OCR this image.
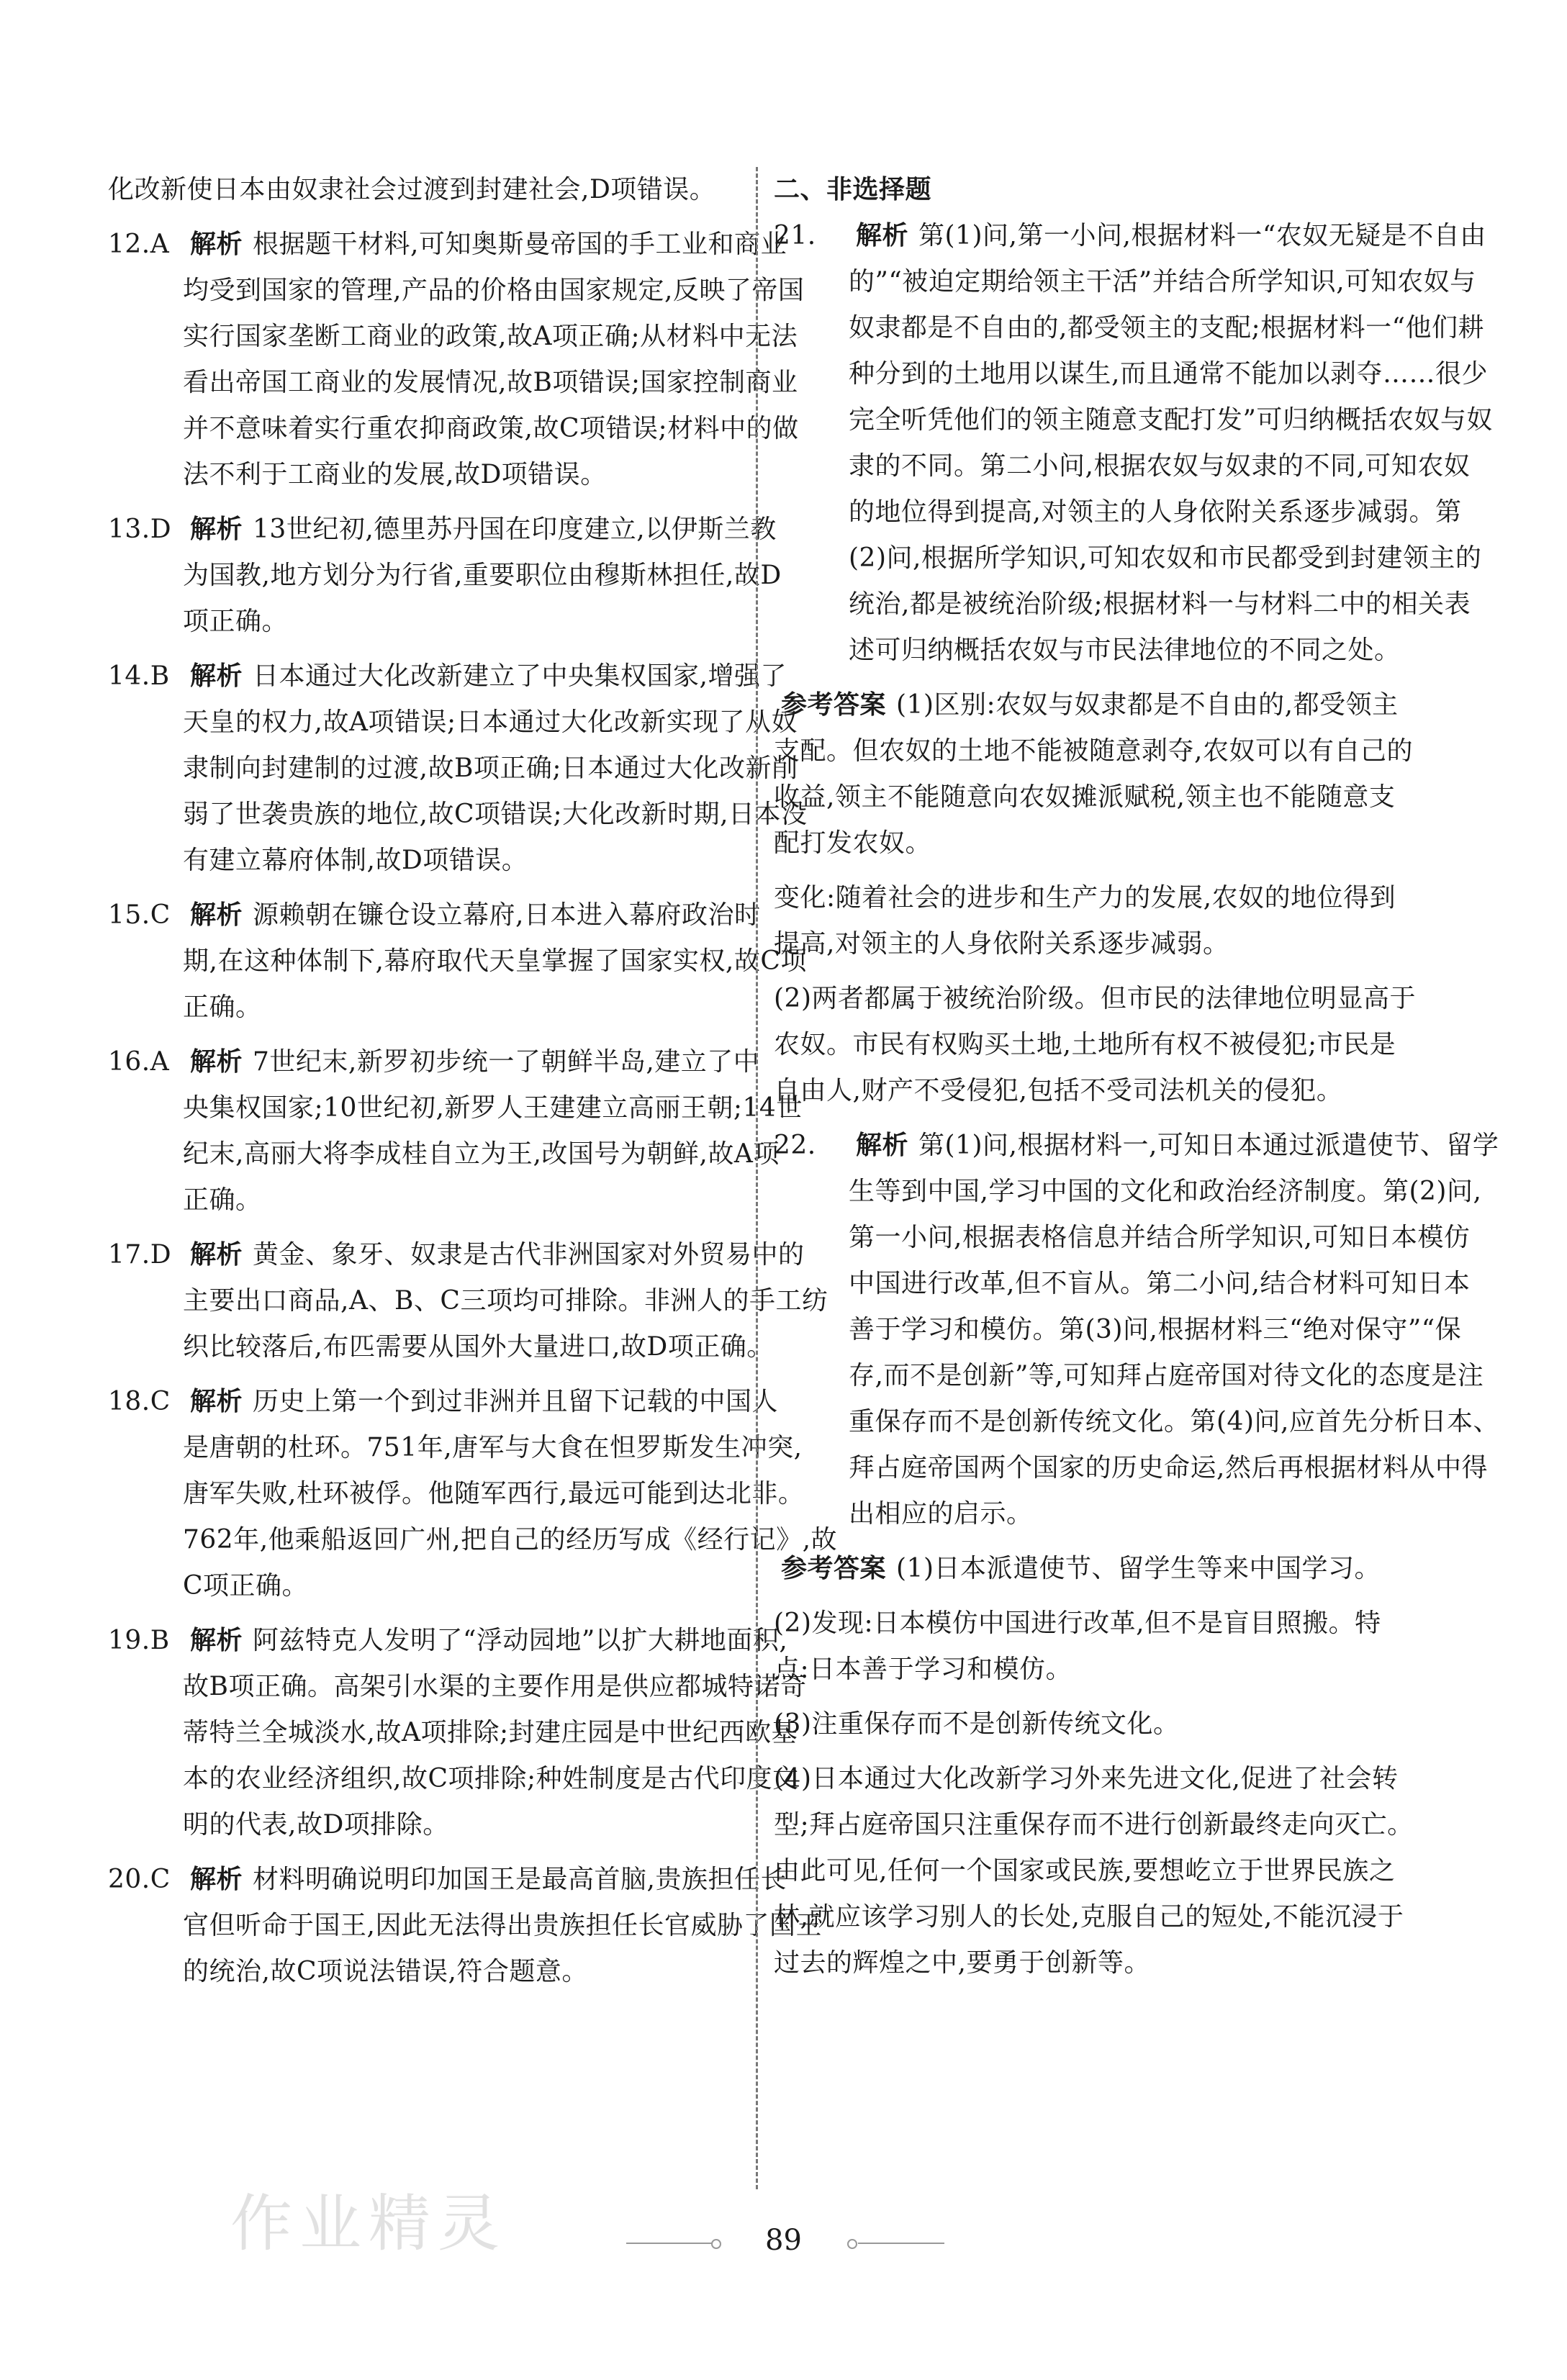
化改新使日本由奴隶社会过渡到封建社会,D项错误。
12.A 解析 根据题干材料,可知奥斯曼帝国的手工业和商业
均受到国家的管理,产品的价格由国家规定,反映了帝国
实行国家垄断工商业的政策,故A项正确;从材料中无法
看出帝国工商业的发展情况,故B项错误;国家控制商业
并不意味着实行重农抑商政策,故C项错误;材料中的做
法不利于工商业的发展,故D项错误。
13.D 解析 13世纪初,德里苏丹国在印度建立,以伊斯兰教
为国教,地方划分为行省,重要职位由穆斯林担任,故D
项正确。
14.B 解析 日本通过大化改新建立了中央集权国家,增强了
天皇的权力,故A项错误;日本通过大化改新实现了从奴
隶制向封建制的过渡,故B项正确;日本通过大化改新削
弱了世袭贵族的地位,故C项错误;大化改新时期,日本没
有建立幕府体制,故D项错误。
15.C 解析 源赖朝在镰仓设立幕府,日本进入幕府政治时
期,在这种体制下,幕府取代天皇掌握了国家实权,故C项
正确。
16.A 解析 7世纪末,新罗初步统一了朝鲜半岛,建立了中
央集权国家;10世纪初,新罗人王建建立高丽王朝;14世
纪末,高丽大将李成桂自立为王,改国号为朝鲜,故A项
正确。
17.D 解析 黄金、象牙、奴隶是古代非洲国家对外贸易中的
主要出口商品,A、B、C三项均可排除。非洲人的手工纺
织比较落后,布匹需要从国外大量进口,故D项正确。
18.C 解析 历史上第一个到过非洲并且留下记载的中国人
是唐朝的杜环。751年,唐军与大食在怛罗斯发生冲突,
唐军失败,杜环被俘。他随军西行,最远可能到达北非。
762年,他乘船返回广州,把自己的经历写成《经行记》,故
C项正确。
19.B 解析 阿兹特克人发明了“浮动园地”以扩大耕地面积,
故B项正确。高架引水渠的主要作用是供应都城特诺奇
蒂特兰全城淡水,故A项排除;封建庄园是中世纪西欧基
本的农业经济组织,故C项排除;种姓制度是古代印度文
明的代表,故D项排除。
20.C 解析 材料明确说明印加国王是最高首脑,贵族担任长
官但听命于国王,因此无法得出贵族担任长官威胁了国王
的统治,故C项说法错误,符合题意。
二、非选择题
21. 解析 第(1)问,第一小问,根据材料一“农奴无疑是不自由
的”“被迫定期给领主干活”并结合所学知识,可知农奴与
奴隶都是不自由的,都受领主的支配;根据材料一“他们耕
种分到的土地用以谋生,而且通常不能加以剥夺……很少
完全听凭他们的领主随意支配打发”可归纳概括农奴与奴
隶的不同。第二小问,根据农奴与奴隶的不同,可知农奴
的地位得到提高,对领主的人身依附关系逐步减弱。第
(2)问,根据所学知识,可知农奴和市民都受到封建领主的
统治,都是被统治阶级;根据材料一与材料二中的相关表
述可归纳概括农奴与市民法律地位的不同之处。
参考答案 (1)区别:农奴与奴隶都是不自由的,都受领主
支配。但农奴的土地不能被随意剥夺,农奴可以有自己的
收益,领主不能随意向农奴摊派赋税,领主也不能随意支
配打发农奴。
变化:随着社会的进步和生产力的发展,农奴的地位得到
提高,对领主的人身依附关系逐步减弱。
(2)两者都属于被统治阶级。但市民的法律地位明显高于
农奴。市民有权购买土地,土地所有权不被侵犯;市民是
自由人,财产不受侵犯,包括不受司法机关的侵犯。
22. 解析 第(1)问,根据材料一,可知日本通过派遣使节、留学
生等到中国,学习中国的文化和政治经济制度。第(2)问,
第一小问,根据表格信息并结合所学知识,可知日本模仿
中国进行改革,但不盲从。第二小问,结合材料可知日本
善于学习和模仿。第(3)问,根据材料三“绝对保守”“保
存,而不是创新”等,可知拜占庭帝国对待文化的态度是注
重保存而不是创新传统文化。第(4)问,应首先分析日本、
拜占庭帝国两个国家的历史命运,然后再根据材料从中得
出相应的启示。
参考答案 (1)日本派遣使节、留学生等来中国学习。
(2)发现:日本模仿中国进行改革,但不是盲目照搬。特
点:日本善于学习和模仿。
(3)注重保存而不是创新传统文化。
(4)日本通过大化改新学习外来先进文化,促进了社会转
型;拜占庭帝国只注重保存而不进行创新最终走向灭亡。
由此可见,任何一个国家或民族,要想屹立于世界民族之
林,就应该学习别人的长处,克服自己的短处,不能沉浸于
过去的辉煌之中,要勇于创新等。
作业精灵	89
